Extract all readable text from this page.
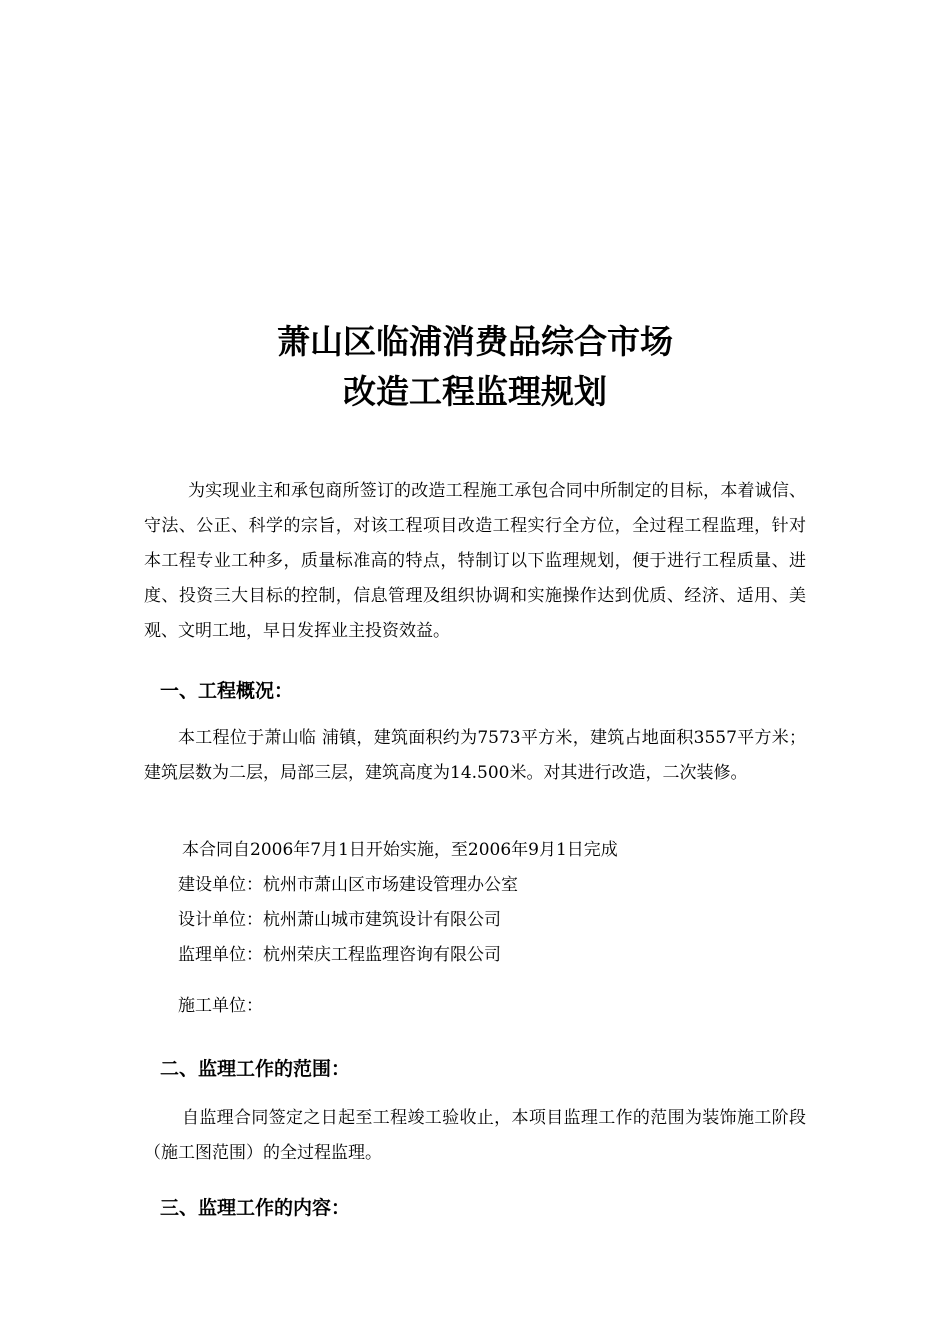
萧山区临浦消费品综合市场
改造工程监理规划
为实现业主和承包商所签订的改造工程施工承包合同中所制定的目标，本着诚信、守法、公正、科学的宗旨，对该工程项目改造工程实行全方位，全过程工程监理，针对本工程专业工种多，质量标准高的特点，特制订以下监理规划，便于进行工程质量、进度、投资三大目标的控制，信息管理及组织协调和实施操作达到优质、经济、适用、美观、文明工地，早日发挥业主投资效益。
一、工程概况：
本工程位于萧山临 浦镇，建筑面积约为7573平方米，建筑占地面积3557平方米；建筑层数为二层，局部三层，建筑高度为14.500米。对其进行改造，二次装修。
本合同自2006年7月1日开始实施，至2006年9月1日完成
建设单位：杭州市萧山区市场建设管理办公室
设计单位：杭州萧山城市建筑设计有限公司
监理单位：杭州荣庆工程监理咨询有限公司
施工单位：
二、监理工作的范围：
自监理合同签定之日起至工程竣工验收止，本项目监理工作的范围为装饰施工阶段（施工图范围）的全过程监理。
三、监理工作的内容：
